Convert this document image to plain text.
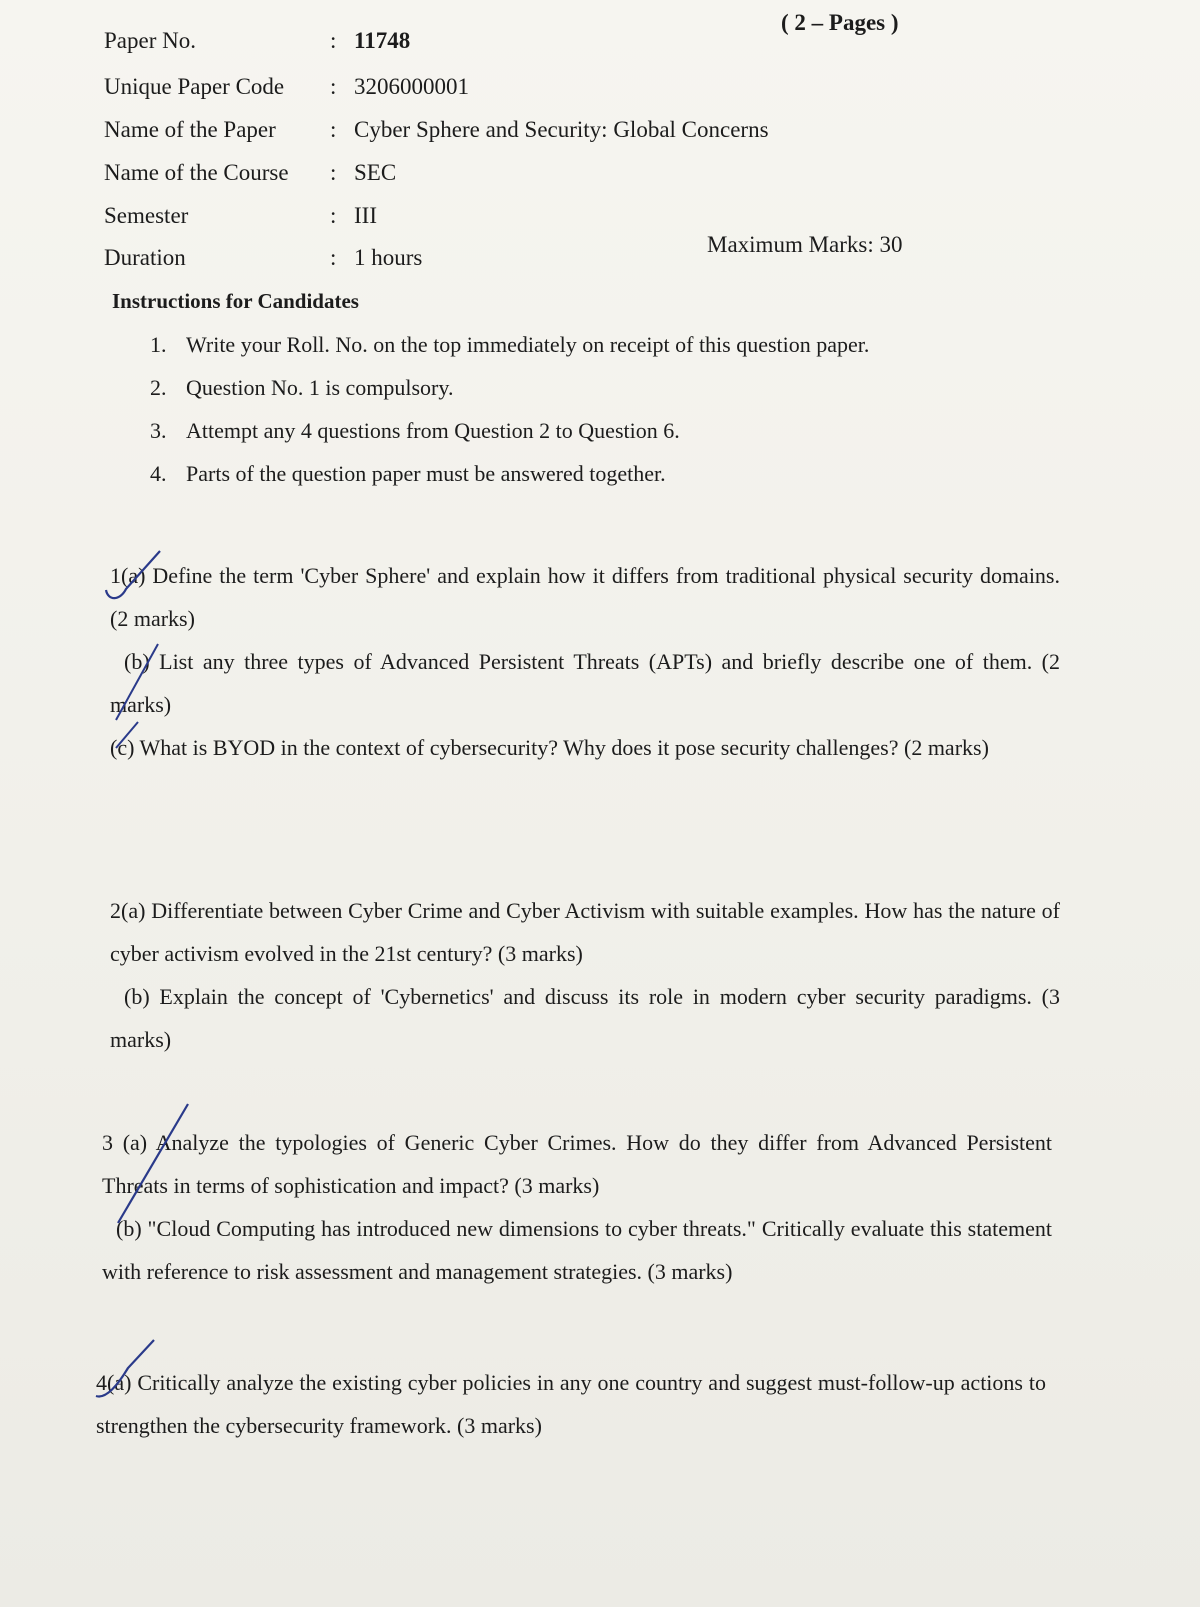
( 2 – Pages )
Paper No.	: 11748
Unique Paper Code : 3206000001
Name of the Paper : Cyber Sphere and Security: Global Concerns
Name of the Course : SEC
Semester	: III
Duration	: 1 hours
Maximum Marks: 30
Instructions for Candidates
1. Write your Roll. No. on the top immediately on receipt of this question paper.
2. Question No. 1 is compulsory.
3. Attempt any 4 questions from Question 2 to Question 6.
4. Parts of the question paper must be answered together.

1(a) Define the term 'Cyber Sphere' and explain how it differs from traditional physical security domains. (2 marks)

(b) List any three types of Advanced Persistent Threats (APTs) and briefly describe one of them. (2 marks)

(c) What is BYOD in the context of cybersecurity? Why does it pose security challenges? (2 marks)

2(a) Differentiate between Cyber Crime and Cyber Activism with suitable examples. How has the nature of cyber activism evolved in the 21st century? (3 marks)

(b) Explain the concept of 'Cybernetics' and discuss its role in modern cyber security paradigms. (3 marks)

3 (a) Analyze the typologies of Generic Cyber Crimes. How do they differ from Advanced Persistent Threats in terms of sophistication and impact? (3 marks)

(b) "Cloud Computing has introduced new dimensions to cyber threats." Critically evaluate this statement with reference to risk assessment and management strategies. (3 marks)

4(a) Critically analyze the existing cyber policies in any one country and suggest must-follow-up actions to strengthen the cybersecurity framework. (3 marks)
